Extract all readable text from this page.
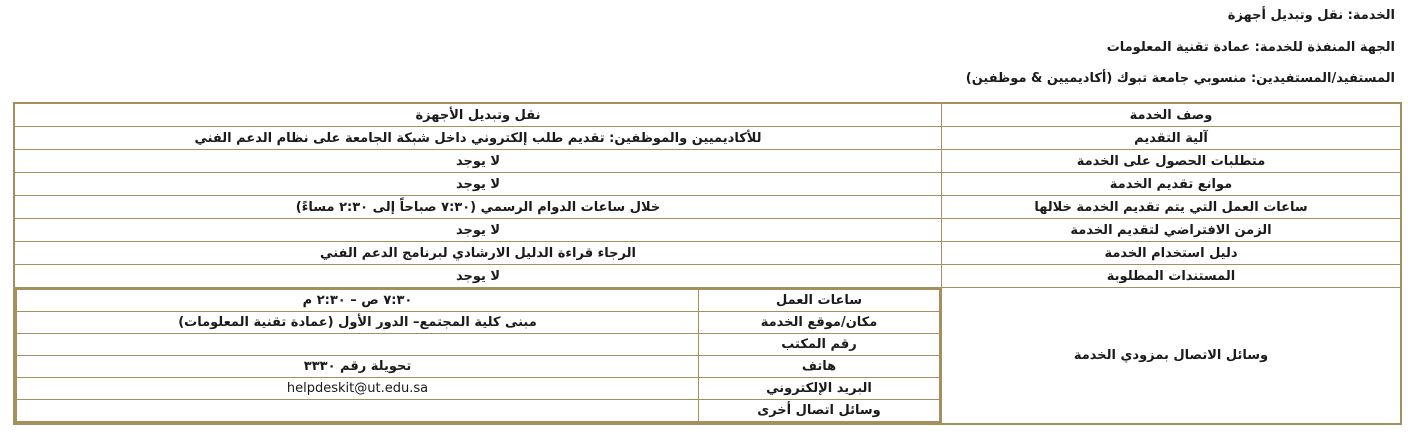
الخدمة: نقل وتبديل أجهزة
الجهة المنفذة للخدمة: عمادة تقنية المعلومات
المستفيد/المستفيدين: منسوبي جامعة تبوك (أكاديميين & موظفين)
وصف الخدمة	نقل وتبديل الأجهزة
آلية التقديم	للأكاديميين والموظفين: تقديم طلب إلكتروني داخل شبكة الجامعة على نظام الدعم الفني
متطلبات الحصول على الخدمة	لا يوجد
موانع تقديم الخدمة	لا يوجد
ساعات العمل التي يتم تقديم الخدمة خلالها	خلال ساعات الدوام الرسمي (٧:٣٠ صباحاً إلى ٢:٣٠ مساءً)
الزمن الافتراضي لتقديم الخدمة	لا يوجد
دليل استخدام الخدمة	الرجاء قراءة الدليل الارشادي لبرنامج الدعم الفني
المستندات المطلوبة	لا يوجد
وسائل الاتصال بمزودي الخدمة	
ساعات العمل	٧:٣٠ ص – ٢:٣٠ م
مكان/موقع الخدمة	مبنى كلية المجتمع– الدور الأول (عمادة تقنية المعلومات)
رقم المكتب	
هاتف	تحويلة رقم ٣٣٣٠
البريد الإلكتروني	helpdeskit@ut.edu.sa
وسائل اتصال أخرى	
